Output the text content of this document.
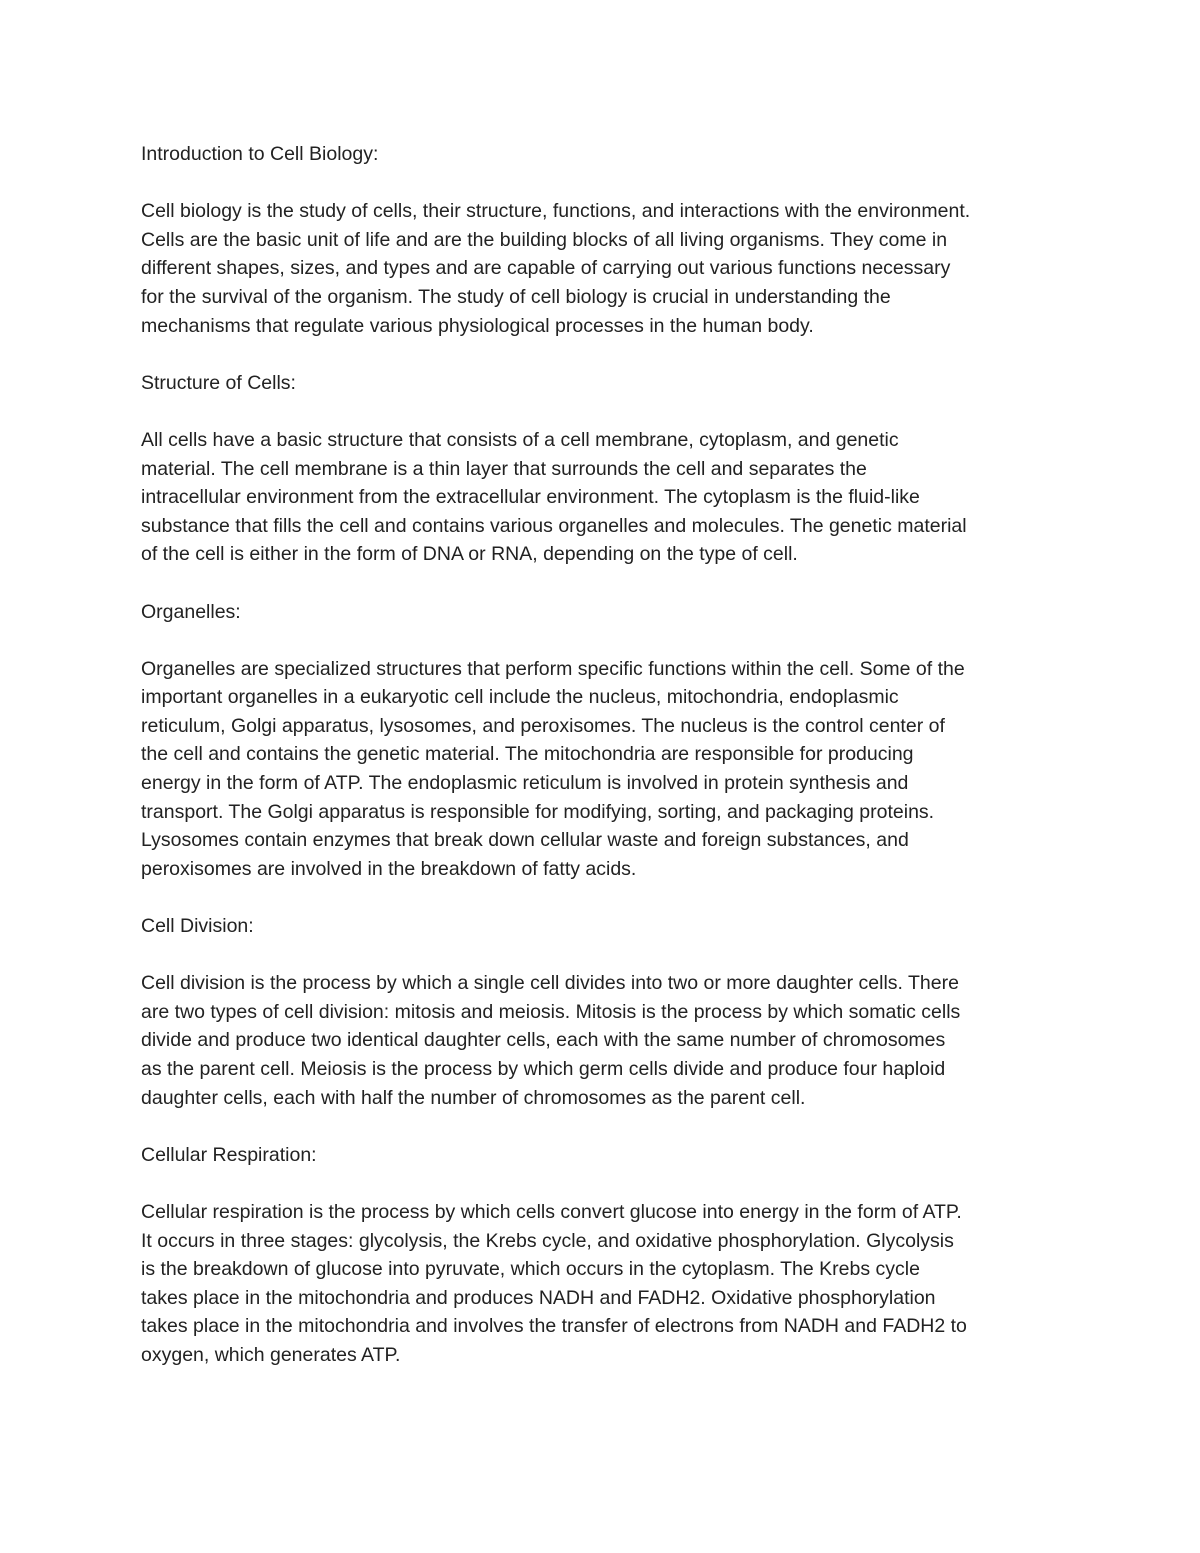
Introduction to Cell Biology:

Cell biology is the study of cells, their structure, functions, and interactions with the environment.
Cells are the basic unit of life and are the building blocks of all living organisms. They come in
different shapes, sizes, and types and are capable of carrying out various functions necessary
for the survival of the organism. The study of cell biology is crucial in understanding the
mechanisms that regulate various physiological processes in the human body.

Structure of Cells:

All cells have a basic structure that consists of a cell membrane, cytoplasm, and genetic
material. The cell membrane is a thin layer that surrounds the cell and separates the
intracellular environment from the extracellular environment. The cytoplasm is the fluid-like
substance that fills the cell and contains various organelles and molecules. The genetic material
of the cell is either in the form of DNA or RNA, depending on the type of cell.

Organelles:

Organelles are specialized structures that perform specific functions within the cell. Some of the
important organelles in a eukaryotic cell include the nucleus, mitochondria, endoplasmic
reticulum, Golgi apparatus, lysosomes, and peroxisomes. The nucleus is the control center of
the cell and contains the genetic material. The mitochondria are responsible for producing
energy in the form of ATP. The endoplasmic reticulum is involved in protein synthesis and
transport. The Golgi apparatus is responsible for modifying, sorting, and packaging proteins.
Lysosomes contain enzymes that break down cellular waste and foreign substances, and
peroxisomes are involved in the breakdown of fatty acids.

Cell Division:

Cell division is the process by which a single cell divides into two or more daughter cells. There
are two types of cell division: mitosis and meiosis. Mitosis is the process by which somatic cells
divide and produce two identical daughter cells, each with the same number of chromosomes
as the parent cell. Meiosis is the process by which germ cells divide and produce four haploid
daughter cells, each with half the number of chromosomes as the parent cell.

Cellular Respiration:

Cellular respiration is the process by which cells convert glucose into energy in the form of ATP.
It occurs in three stages: glycolysis, the Krebs cycle, and oxidative phosphorylation. Glycolysis
is the breakdown of glucose into pyruvate, which occurs in the cytoplasm. The Krebs cycle
takes place in the mitochondria and produces NADH and FADH2. Oxidative phosphorylation
takes place in the mitochondria and involves the transfer of electrons from NADH and FADH2 to
oxygen, which generates ATP.
